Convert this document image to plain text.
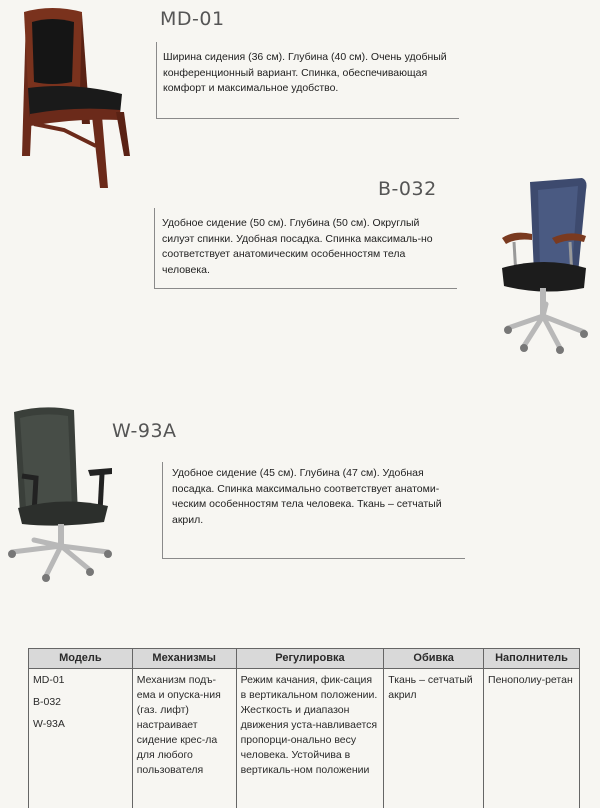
MD-01
Ширина сидения (36 см). Глубина (40 см). Очень удобный конференционный вариант. Спинка, обеспечивающая комфорт и максимальное удобство.
B-032
Удобное сидение (50 см). Глубина (50 см). Округлый силуэт спинки. Удобная посадка. Спинка максималь-но соответствует анатомическим особенностям тела человека.
W-93A
Удобное сидение (45 см). Глубина (47 см). Удобная посадка. Спинка максимально соответствует анатоми-ческим особенностям тела человека. Ткань – сетчатый акрил.
Модель	Механизмы	Регулировка	Обивка	Наполнитель

MD-01
B-032
W-93A	Механизм подъ-ема и опуска-ния (газ. лифт) настраивает сидение крес-ла для любого пользователя	Режим качания, фик-сация в вертикальном положении. Жесткость и диапазон движения уста-навливается пропорци-онально весу человека. Устойчива в вертикаль-ном положении	Ткань – сетчатый акрил	Пенополиу-ретан
